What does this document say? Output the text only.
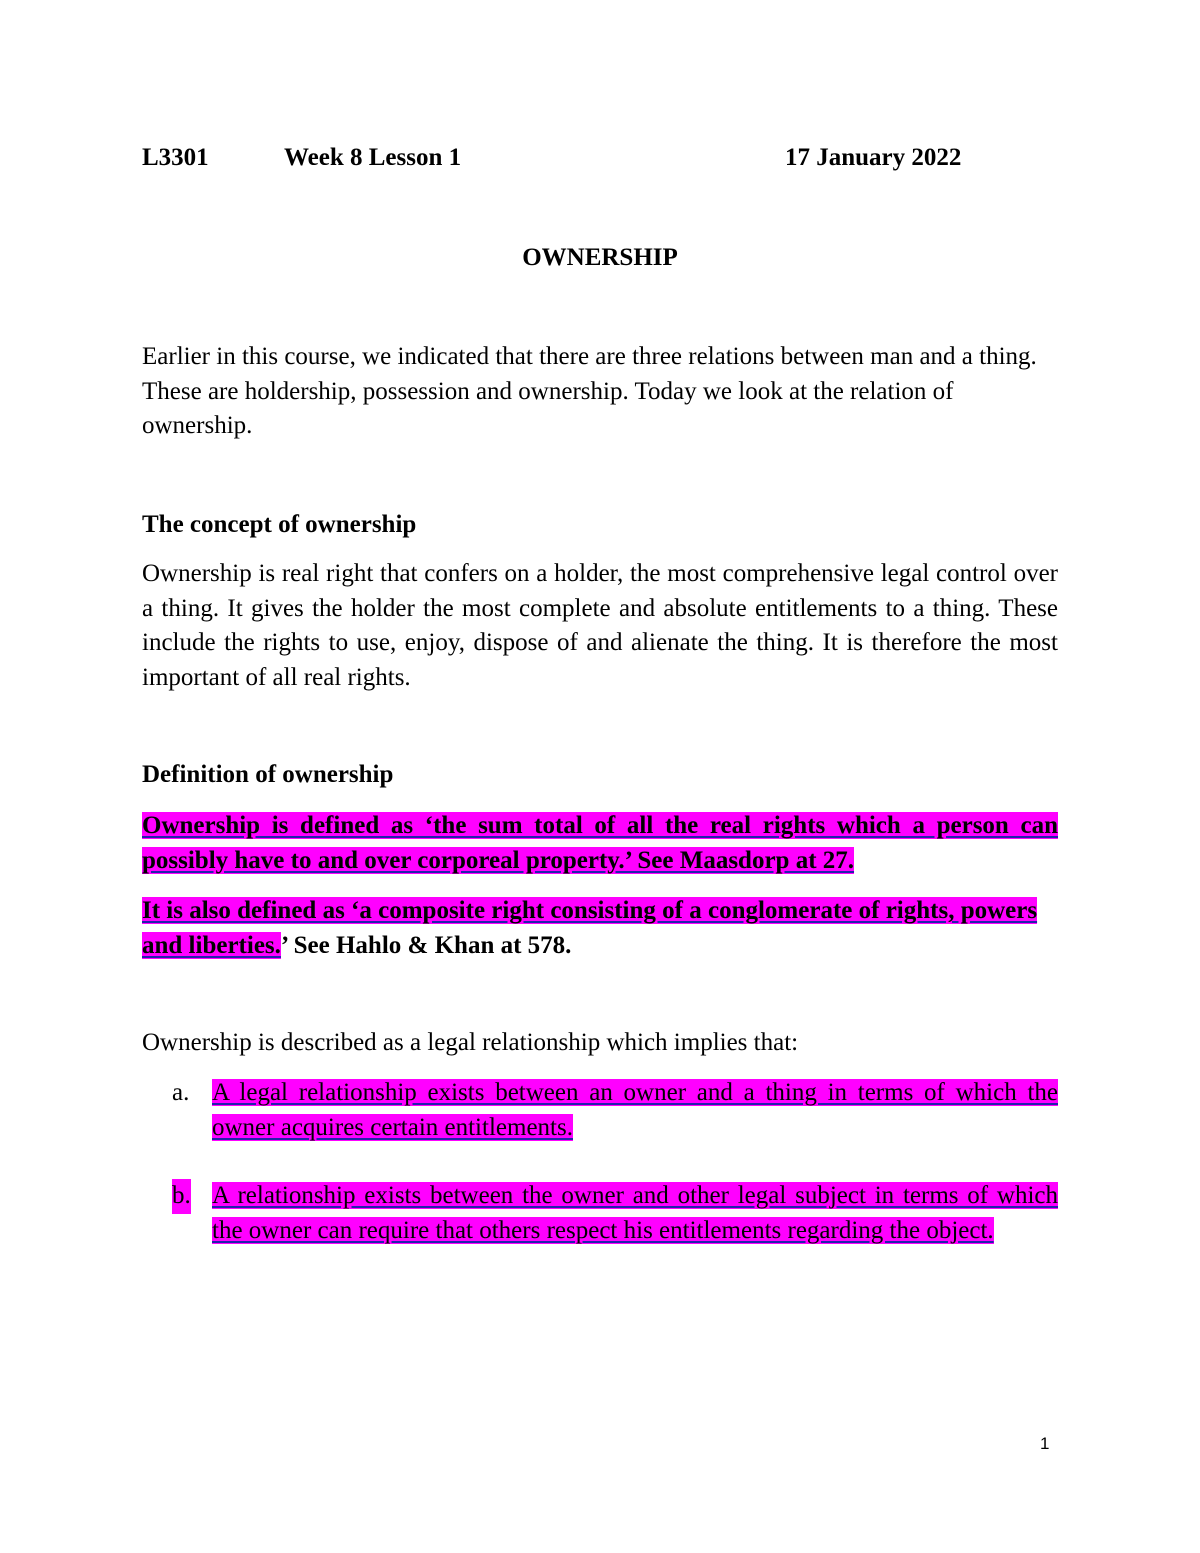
L3301	Week 8 Lesson 1	17 January 2022
OWNERSHIP

Earlier in this course, we indicated that there are three relations between man and a thing. These are holdership, possession and ownership. Today we look at the relation of ownership.

The concept of ownership

Ownership is real right that confers on a holder, the most comprehensive legal control over a thing. It gives the holder the most complete and absolute entitlements to a thing. These include the rights to use, enjoy, dispose of and alienate the thing. It is therefore the most important of all real rights.

Definition of ownership

Ownership is defined as ‘the sum total of all the real rights which a person can possibly have to and over corporeal property.’ See Maasdorp at 27.

It is also defined as ‘a composite right consisting of a conglomerate of rights, powers and liberties.’ See Hahlo & Khan at 578.

Ownership is described as a legal relationship which implies that:

a. A legal relationship exists between an owner and a thing in terms of which the owner acquires certain entitlements.
b. A relationship exists between the owner and other legal subject in terms of which the owner can require that others respect his entitlements regarding the object.
1
